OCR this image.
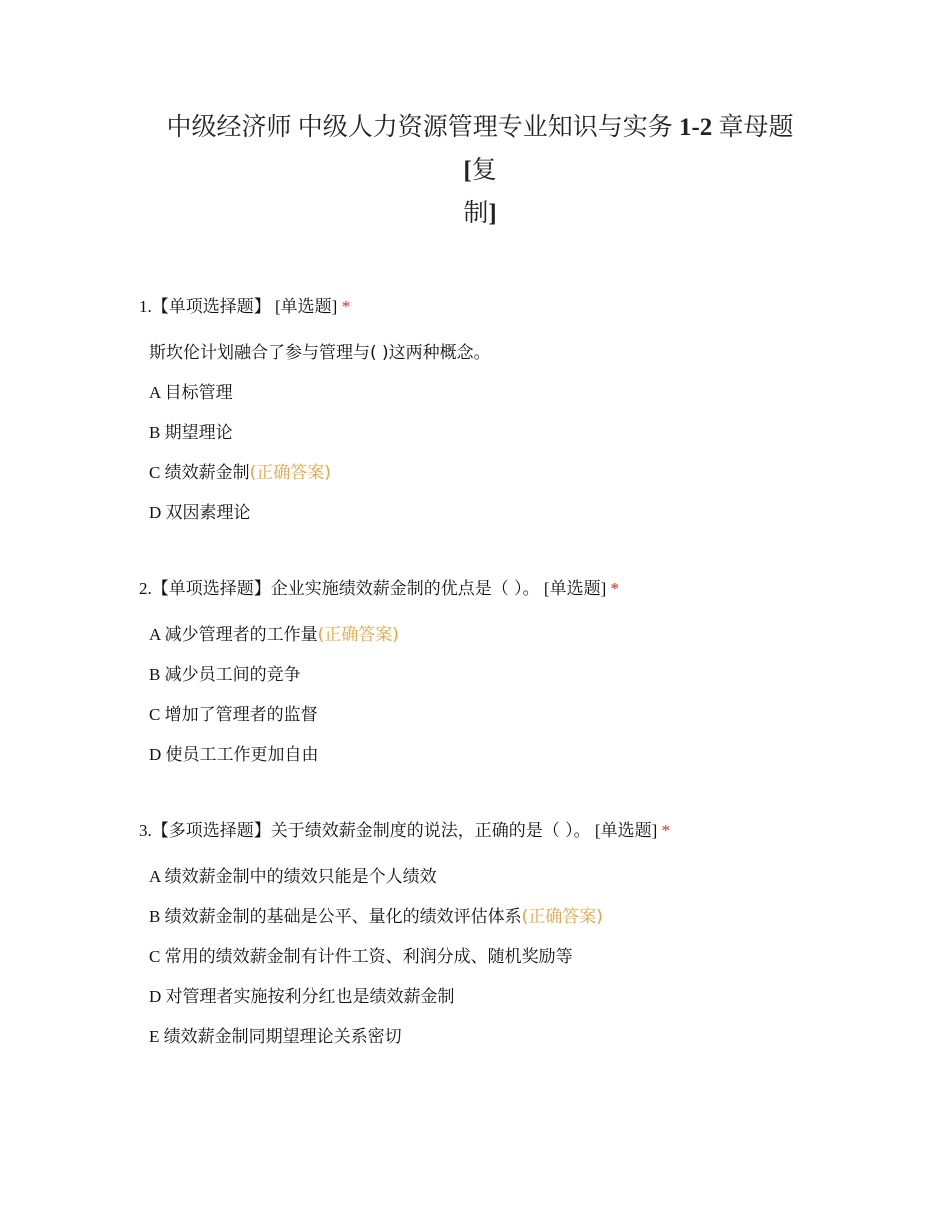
中级经济师 中级人力资源管理专业知识与实务 1-2 章母题[复
制]
1.【单项选择题】 [单选题] *
斯坎伦计划融合了参与管理与( )这两种概念。
A 目标管理
B 期望理论
C 绩效薪金制(正确答案)
D 双因素理论
2.【单项选择题】企业实施绩效薪金制的优点是（ ）。 [单选题] *
A 减少管理者的工作量(正确答案)
B 减少员工间的竞争
C 增加了管理者的监督
D 使员工工作更加自由
3.【多项选择题】关于绩效薪金制度的说法，正确的是（ ）。 [单选题] *
A 绩效薪金制中的绩效只能是个人绩效
B 绩效薪金制的基础是公平、量化的绩效评估体系(正确答案)
C 常用的绩效薪金制有计件工资、利润分成、随机奖励等
D 对管理者实施按利分红也是绩效薪金制
E 绩效薪金制同期望理论关系密切
